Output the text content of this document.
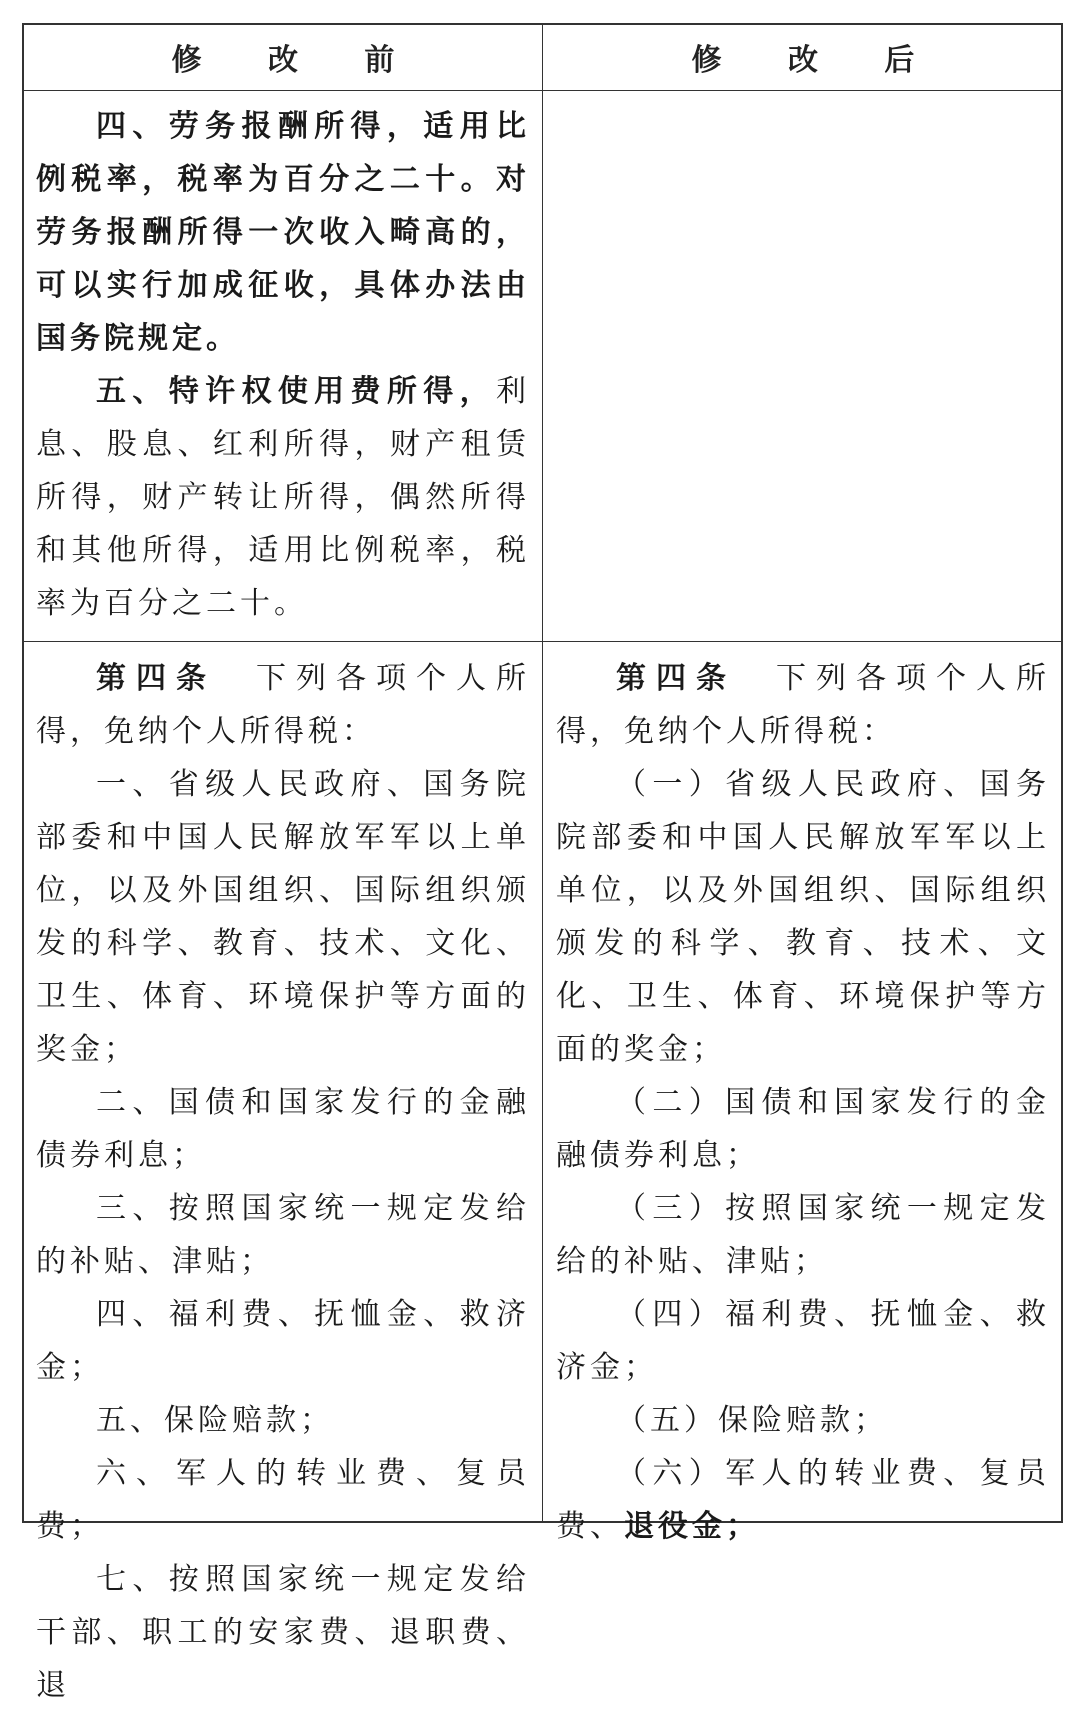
修 改 前	修 改 后

四、劳务报酬所得，适用比例税率，税率为百分之二十。对劳务报酬所得一次收入畸高的，可以实行加成征收，具体办法由国务院规定。

五、特许权使用费所得，利息、股息、红利所得，财产租赁所得，财产转让所得，偶然所得和其他所得，适用比例税率，税率为百分之二十。

第四条 下列各项个人所得，免纳个人所得税：

一、省级人民政府、国务院部委和中国人民解放军军以上单位，以及外国组织、国际组织颁发的科学、教育、技术、文化、卫生、体育、环境保护等方面的奖金；

二、国债和国家发行的金融债券利息；

三、按照国家统一规定发给的补贴、津贴；

四、福利费、抚恤金、救济金；

五、保险赔款；

六、军人的转业费、复员费；

七、按照国家统一规定发给干部、职工的安家费、退职费、退

第四条 下列各项个人所得，免纳个人所得税：

（一）省级人民政府、国务院部委和中国人民解放军军以上单位，以及外国组织、国际组织颁发的科学、教育、技术、文化、卫生、体育、环境保护等方面的奖金；

（二）国债和国家发行的金融债券利息；

（三）按照国家统一规定发给的补贴、津贴；

（四）福利费、抚恤金、救济金；

（五）保险赔款；

（六）军人的转业费、复员费、退役金；
